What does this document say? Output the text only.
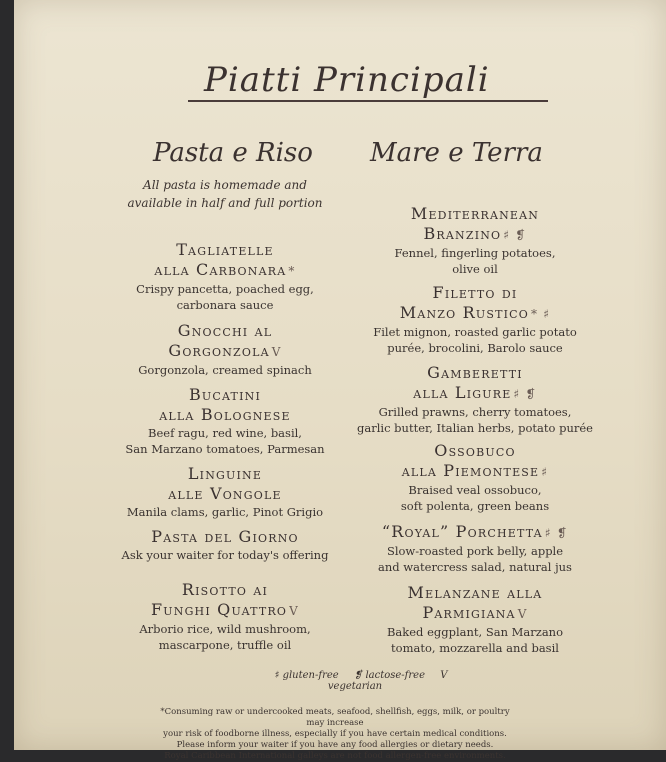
Piatti Principali
Pasta e Riso Mare e Terra
All pasta is homemade and
available in half and full portion
Tagliatelle
alla Carbonara *
Crispy pancetta, poached egg,
carbonara sauce
Gnocchi al
Gorgonzola V
Gorgonzola, creamed spinach
Bucatini
alla Bolognese
Beef ragu, red wine, basil,
San Marzano tomatoes, Parmesan
Linguine
alle Vongole
Manila clams, garlic, Pinot Grigio
Pasta del Giorno
Ask your waiter for today's offering
Risotto ai
Funghi Quattro V
Arborio rice, wild mushroom,
mascarpone, truffle oil
Mediterranean
Branzino ♯ ❡
Fennel, fingerling potatoes,
olive oil
Filetto di
Manzo Rustico * ♯
Filet mignon, roasted garlic potato
purée, brocolini, Barolo sauce
Gamberetti
alla Ligure ♯ ❡
Grilled prawns, cherry tomatoes,
garlic butter, Italian herbs, potato purée
Ossobuco
alla Piemontese ♯
Braised veal ossobuco,
soft polenta, green beans
“Royal” Porchetta ♯ ❡
Slow-roasted pork belly, apple
and watercress salad, natural jus
Melanzane alla
Parmigiana V
Baked eggplant, San Marzano
tomato, mozzarella and basil
♯ gluten-free ❡ lactose-free V vegetarian
*Consuming raw or undercooked meats, seafood, shellfish, eggs, milk, or poultry may increase
your risk of foodborne illness, especially if you have certain medical conditions.
Please inform your waiter if you have any food allergies or dietary needs.
Royal Caribbean International galleys are not food allergen-free environments.
